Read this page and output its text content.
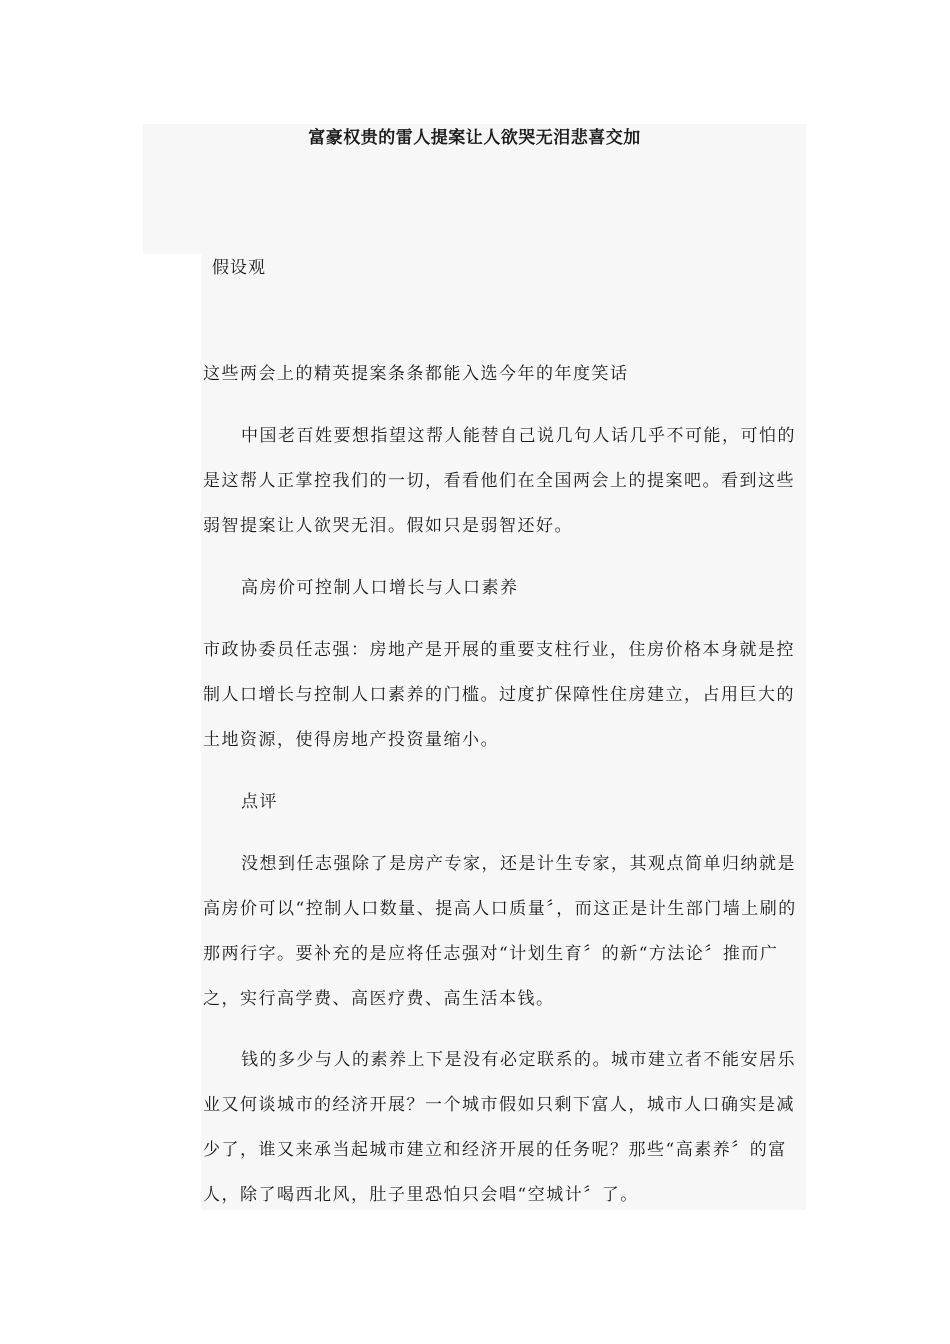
富豪权贵的雷人提案让人欲哭无泪悲喜交加
假设观

这些两会上的精英提案条条都能入选今年的年度笑话

中国老百姓要想指望这帮人能替自己说几句人话几乎不可能，可怕的是这帮人正掌控我们的一切，看看他们在全国两会上的提案吧。看到这些弱智提案让人欲哭无泪。假如只是弱智还好。

高房价可控制人口增长与人口素养

市政协委员任志强：房地产是开展的重要支柱行业，住房价格本身就是控制人口增长与控制人口素养的门槛。过度扩保障性住房建立，占用巨大的土地资源，使得房地产投资量缩小。

点评

没想到任志强除了是房产专家，还是计生专家，其观点简单归纳就是高房价可以“控制人口数量、提高人口质量〞，而这正是计生部门墙上刷的那两行字。要补充的是应将任志强对“计划生育〞的新“方法论〞推而广之，实行高学费、高医疗费、高生活本钱。

钱的多少与人的素养上下是没有必定联系的。城市建立者不能安居乐业又何谈城市的经济开展？一个城市假如只剩下富人，城市人口确实是减少了，谁又来承当起城市建立和经济开展的任务呢？那些“高素养〞的富人，除了喝西北风，肚子里恐怕只会唱“空城计〞了。
